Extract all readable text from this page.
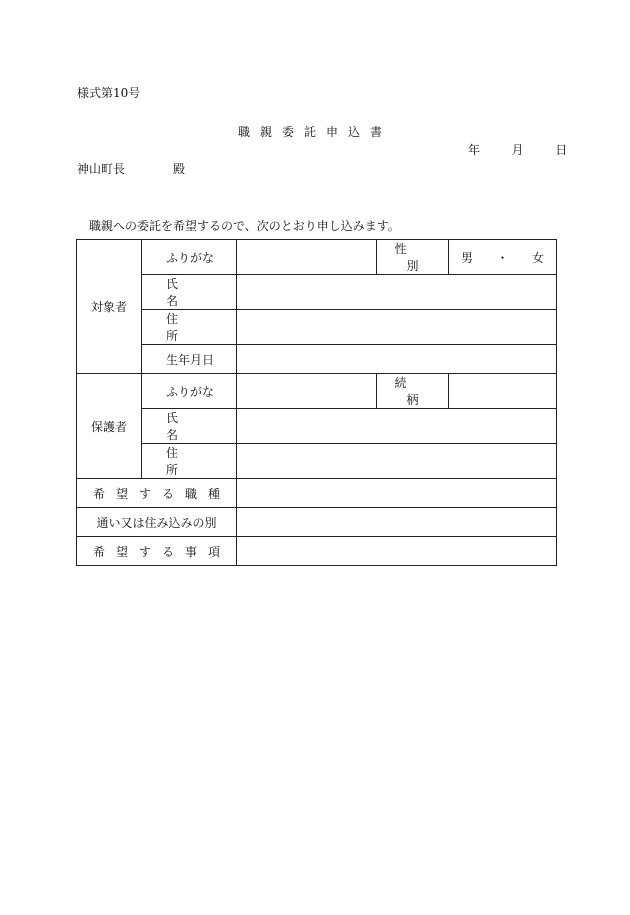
様式第10号
職親委託申込書
年	月	日
神山町長	殿
職親への委託を希望するので、次のとおり申し込みます。
対象者	ふりがな		性別	男 ・ 女

	氏名			
	住所			
	生年月日			
保護者	ふりがな		続柄	
	氏名			
	住所			
希望する職種				
通い又は住み込みの別				
希望する事項				
